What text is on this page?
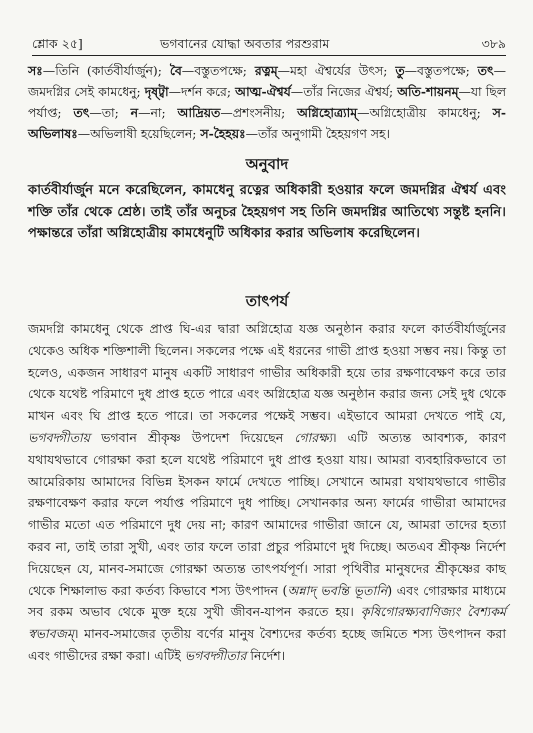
শ্লোক ২৫]	ভগবানের যোদ্ধা অবতার পরশুরাম	৩৮৯

সঃ—তিনি (কার্তবীর্যার্জুন); বৈ—বস্তুতপক্ষে; রত্নম্—মহা ঐশ্বর্যের উৎস; তু—বস্তুতপক্ষে; তৎ—জমদগ্নির সেই কামধেনু; দৃষ্ট্বা—দর্শন করে; আত্ম-ঐশ্বর্য—তাঁর নিজের ঐশ্বর্য; অতি-শায়নম্—যা ছিল পর্যাপ্ত; তৎ—তা; ন—না; আদ্রিয়ত—প্রশংসনীয়; অগ্নিহোত্ৰ্যাম্—অগ্নিহোত্রীয় কামধেনু; স-অভিলাষঃ—অভিলাষী হয়েছিলেন; স-হৈহয়ঃ—তাঁর অনুগামী হৈহয়গণ সহ।

অনুবাদ

কার্তবীর্যার্জুন মনে করেছিলেন, কামধেনু রত্নের অধিকারী হওয়ার ফলে জমদগ্নির ঐশ্বর্য এবং শক্তি তাঁর থেকে শ্রেষ্ঠ। তাই তাঁর অনুচর হৈহয়গণ সহ তিনি জমদগ্নির আতিথ্যে সন্তুষ্ট হননি। পক্ষান্তরে তাঁরা অগ্নিহোত্রীয় কামধেনুটি অধিকার করার অভিলাষ করেছিলেন।

তাৎপর্য

জমদগ্নি কামধেনু থেকে প্রাপ্ত ঘি-এর দ্বারা অগ্নিহোত্র যজ্ঞ অনুষ্ঠান করার ফলে কার্তবীর্যার্জুনের থেকেও অধিক শক্তিশালী ছিলেন। সকলের পক্ষে এই ধরনের গাভী প্রাপ্ত হওয়া সম্ভব নয়। কিন্তু তা হলেও, একজন সাধারণ মানুষ একটি সাধারণ গাভীর অধিকারী হয়ে তার রক্ষণাবেক্ষণ করে তার থেকে যথেষ্ট পরিমাণে দুধ প্রাপ্ত হতে পারে এবং অগ্নিহোত্র যজ্ঞ অনুষ্ঠান করার জন্য সেই দুধ থেকে মাখন এবং ঘি প্রাপ্ত হতে পারে। তা সকলের পক্ষেই সম্ভব। এইভাবে আমরা দেখতে পাই যে, ভগবদ্গীতায় ভগবান শ্রীকৃষ্ণ উপদেশ দিয়েছেন গোরক্ষ্য। এটি অত্যন্ত আবশ্যক, কারণ যথাযথভাবে গোরক্ষা করা হলে যথেষ্ট পরিমাণে দুধ প্রাপ্ত হওয়া যায়। আমরা ব্যবহারিকভাবে তা আমেরিকায় আমাদের বিভিন্ন ইসকন ফার্মে দেখতে পাচ্ছি। সেখানে আমরা যথাযথভাবে গাভীর রক্ষণাবেক্ষণ করার ফলে পর্যাপ্ত পরিমাণে দুধ পাচ্ছি। সেখানকার অন্য ফার্মের গাভীরা আমাদের গাভীর মতো এত পরিমাণে দুধ দেয় না; কারণ আমাদের গাভীরা জানে যে, আমরা তাদের হত্যা করব না, তাই তারা সুখী, এবং তার ফলে তারা প্রচুর পরিমাণে দুধ দিচ্ছে। অতএব শ্রীকৃষ্ণ নির্দেশ দিয়েছেন যে, মানব-সমাজে গোরক্ষা অত্যন্ত তাৎপর্যপূর্ণ। সারা পৃথিবীর মানুষদের শ্রীকৃষ্ণের কাছ থেকে শিক্ষালাভ করা কর্তব্য কিভাবে শস্য উৎপাদন (অন্নাদ্ ভবন্তি ভূতানি) এবং গোরক্ষার মাধ্যমে সব রকম অভাব থেকে মুক্ত হয়ে সুখী জীবন-যাপন করতে হয়। কৃষিগোরক্ষ্যবাণিজ্যং বৈশ্যকর্ম স্বভাবজম্। মানব-সমাজের তৃতীয় বর্ণের মানুষ বৈশ্যদের কর্তব্য হচ্ছে জমিতে শস্য উৎপাদন করা এবং গাভীদের রক্ষা করা। এটিই ভগবদ্গীতার নির্দেশ।
